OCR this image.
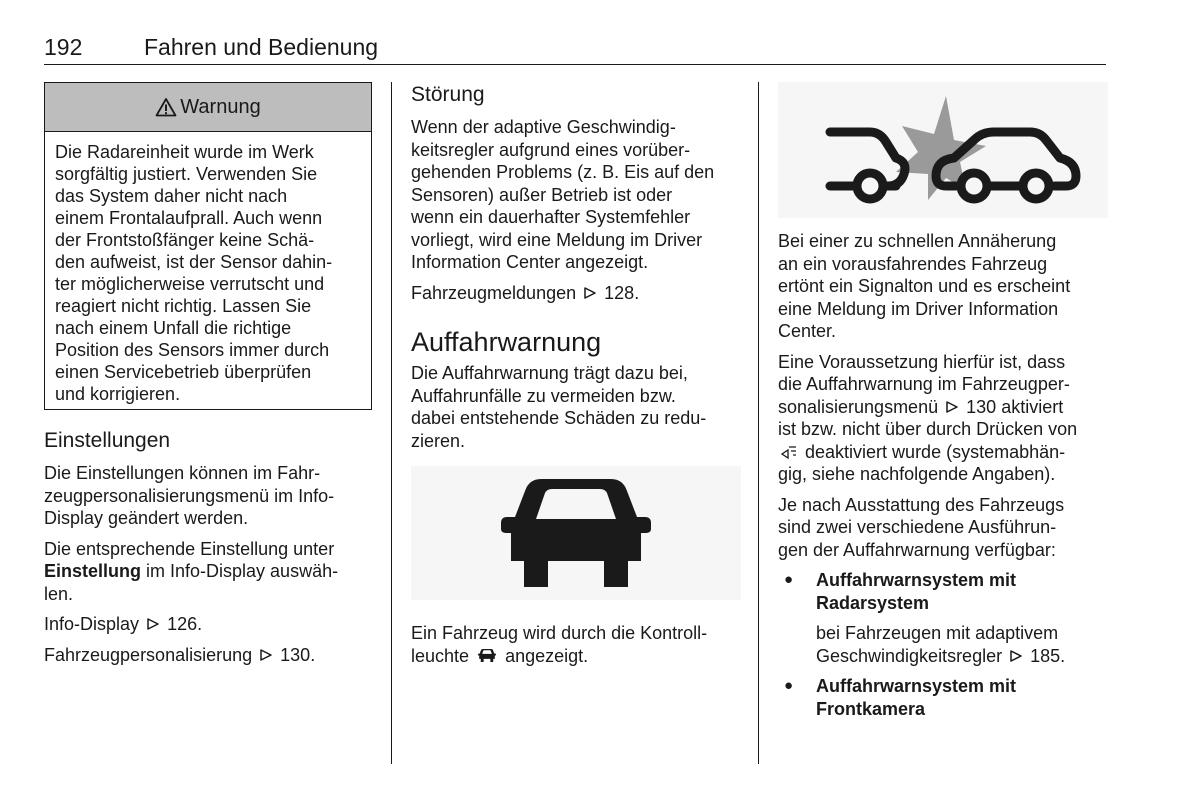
192	Fahren und Bedienung
Warnung

Die Radareinheit wurde im Werk
sorgfältig justiert. Verwenden Sie
das System daher nicht nach
einem Frontalaufprall. Auch wenn
der Frontstoßfänger keine Schä-
den aufweist, ist der Sensor dahin-
ter möglicherweise verrutscht und
reagiert nicht richtig. Lassen Sie
nach einem Unfall die richtige
Position des Sensors immer durch
einen Servicebetrieb überprüfen
und korrigieren.

Einstellungen

Die Einstellungen können im Fahr-
zeugpersonalisierungsmenü im Info-
Display geändert werden.

Die entsprechende Einstellung unter
Einstellung im Info-Display auswäh-
len.

Info-Display 126.

Fahrzeugpersonalisierung 130.

Störung

Wenn der adaptive Geschwindig-
keitsregler aufgrund eines vorüber-
gehenden Problems (z. B. Eis auf den
Sensoren) außer Betrieb ist oder
wenn ein dauerhafter Systemfehler
vorliegt, wird eine Meldung im Driver
Information Center angezeigt.

Fahrzeugmeldungen 128.

Auffahrwarnung

Die Auffahrwarnung trägt dazu bei,
Auffahrunfälle zu vermeiden bzw.
dabei entstehende Schäden zu redu-
zieren.

Ein Fahrzeug wird durch die Kontroll-
leuchte angezeigt.

Bei einer zu schnellen Annäherung
an ein vorausfahrendes Fahrzeug
ertönt ein Signalton und es erscheint
eine Meldung im Driver Information
Center.

Eine Voraussetzung hierfür ist, dass
die Auffahrwarnung im Fahrzeugper-
sonalisierungsmenü 130 aktiviert
ist bzw. nicht über durch Drücken von
deaktiviert wurde (systemabhän-
gig, siehe nachfolgende Angaben).

Je nach Ausstattung des Fahrzeugs
sind zwei verschiedene Ausführun-
gen der Auffahrwarnung verfügbar:

● Auffahrwarnsystem mit
Radarsystem

bei Fahrzeugen mit adaptivem
Geschwindigkeitsregler 185.

● Auffahrwarnsystem mit
Frontkamera
